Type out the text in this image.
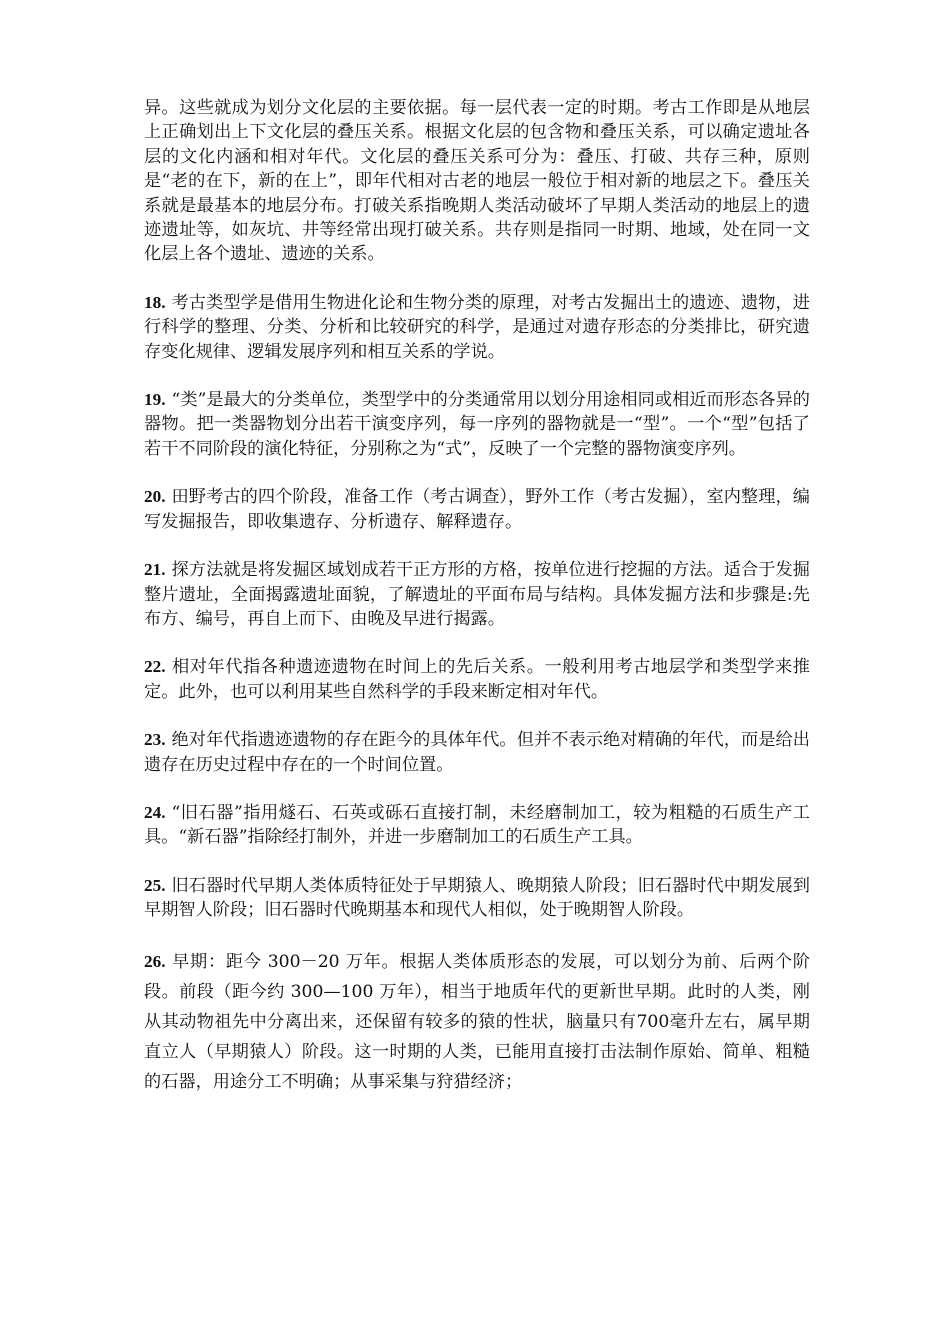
异。这些就成为划分文化层的主要依据。每一层代表一定的时期。考古工作即是从地层上正确划出上下文化层的叠压关系。根据文化层的包含物和叠压关系，可以确定遗址各层的文化内涵和相对年代。文化层的叠压关系可分为：叠压、打破、共存三种，原则是“老的在下，新的在上”，即年代相对古老的地层一般位于相对新的地层之下。叠压关系就是最基本的地层分布。打破关系指晚期人类活动破坏了早期人类活动的地层上的遗迹遗址等，如灰坑、井等经常出现打破关系。共存则是指同一时期、地域，处在同一文化层上各个遗址、遗迹的关系。

18. 考古类型学是借用生物进化论和生物分类的原理，对考古发掘出土的遗迹、遗物，进行科学的整理、分类、分析和比较研究的科学，是通过对遗存形态的分类排比，研究遗存变化规律、逻辑发展序列和相互关系的学说。

19. “类”是最大的分类单位，类型学中的分类通常用以划分用途相同或相近而形态各异的器物。把一类器物划分出若干演变序列，每一序列的器物就是一“型”。一个“型”包括了若干不同阶段的演化特征，分别称之为“式”，反映了一个完整的器物演变序列。

20. 田野考古的四个阶段，准备工作（考古调查），野外工作（考古发掘），室内整理，编写发掘报告，即收集遗存、分析遗存、解释遗存。

21. 探方法就是将发掘区域划成若干正方形的方格，按单位进行挖掘的方法。适合于发掘整片遗址，全面揭露遗址面貌，了解遗址的平面布局与结构。具体发掘方法和步骤是:先布方、编号，再自上而下、由晚及早进行揭露。

22. 相对年代指各种遗迹遗物在时间上的先后关系。一般利用考古地层学和类型学来推定。此外，也可以利用某些自然科学的手段来断定相对年代。

23. 绝对年代指遗迹遗物的存在距今的具体年代。但并不表示绝对精确的年代，而是给出遗存在历史过程中存在的一个时间位置。

24. “旧石器”指用燧石、石英或砾石直接打制，未经磨制加工，较为粗糙的石质生产工具。“新石器”指除经打制外，并进一步磨制加工的石质生产工具。

25. 旧石器时代早期人类体质特征处于早期猿人、晚期猿人阶段；旧石器时代中期发展到早期智人阶段；旧石器时代晚期基本和现代人相似，处于晚期智人阶段。

26. 早期：距今 300－20 万年。根据人类体质形态的发展，可以划分为前、后两个阶段。前段（距今约 300—100 万年），相当于地质年代的更新世早期。此时的人类，刚从其动物祖先中分离出来，还保留有较多的猿的性状，脑量只有700毫升左右，属早期直立人（早期猿人）阶段。这一时期的人类，已能用直接打击法制作原始、简单、粗糙的石器，用途分工不明确；从事采集与狩猎经济；
